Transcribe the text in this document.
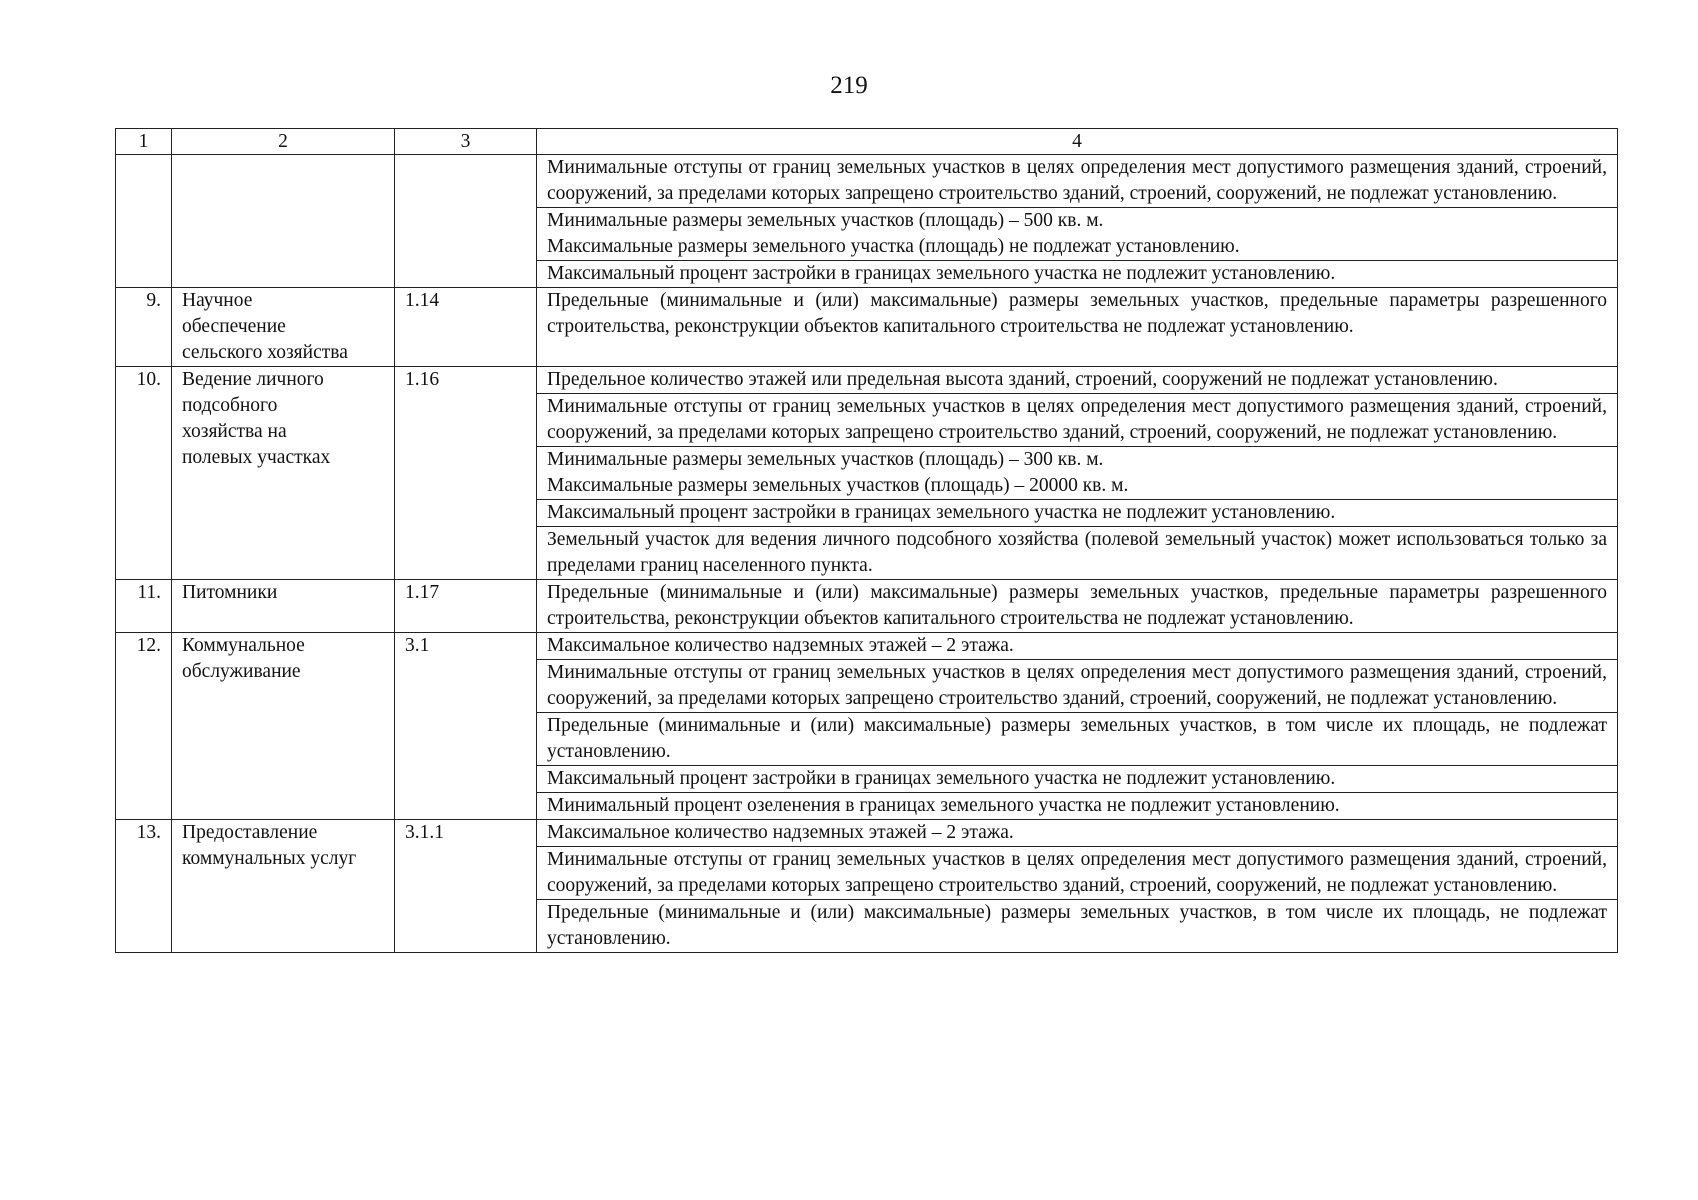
219
1	2	3	4
			Минимальные отступы от границ земельных участков в целях определения мест допустимого размещения зданий, строений, сооружений, за пределами которых запрещено строительство зданий, строений, сооружений, не подлежат установлению.
			Минимальные размеры земельных участков (площадь) – 500 кв. м.
Максимальные размеры земельного участка (площадь) не подлежат установлению.
			Максимальный процент застройки в границах земельного участка не подлежит установлению.
9.	Научное
обеспечение
сельского хозяйства	1.14	Предельные (минимальные и (или) максимальные) размеры земельных участков, предельные параметры разрешенного строительства, реконструкции объектов капитального строительства не подлежат установлению.
10.	Ведение личного
подсобного
хозяйства на
полевых участках	1.16	Предельное количество этажей или предельная высота зданий, строений, сооружений не подлежат установлению.
			Минимальные отступы от границ земельных участков в целях определения мест допустимого размещения зданий, строений, сооружений, за пределами которых запрещено строительство зданий, строений, сооружений, не подлежат установлению.
			Минимальные размеры земельных участков (площадь) – 300 кв. м.
Максимальные размеры земельных участков (площадь) – 20000 кв. м.
			Максимальный процент застройки в границах земельного участка не подлежит установлению.
			Земельный участок для ведения личного подсобного хозяйства (полевой земельный участок) может использоваться только за пределами границ населенного пункта.
11.	Питомники	1.17	Предельные (минимальные и (или) максимальные) размеры земельных участков, предельные параметры разрешенного строительства, реконструкции объектов капитального строительства не подлежат установлению.
12.	Коммунальное
обслуживание	3.1	Максимальное количество надземных этажей – 2 этажа.
			Минимальные отступы от границ земельных участков в целях определения мест допустимого размещения зданий, строений, сооружений, за пределами которых запрещено строительство зданий, строений, сооружений, не подлежат установлению.
			Предельные (минимальные и (или) максимальные) размеры земельных участков, в том числе их площадь, не подлежат установлению.
			Максимальный процент застройки в границах земельного участка не подлежит установлению.
			Минимальный процент озеленения в границах земельного участка не подлежит установлению.
13.	Предоставление
коммунальных услуг	3.1.1	Максимальное количество надземных этажей – 2 этажа.
			Минимальные отступы от границ земельных участков в целях определения мест допустимого размещения зданий, строений, сооружений, за пределами которых запрещено строительство зданий, строений, сооружений, не подлежат установлению.
			Предельные (минимальные и (или) максимальные) размеры земельных участков, в том числе их площадь, не подлежат установлению.
